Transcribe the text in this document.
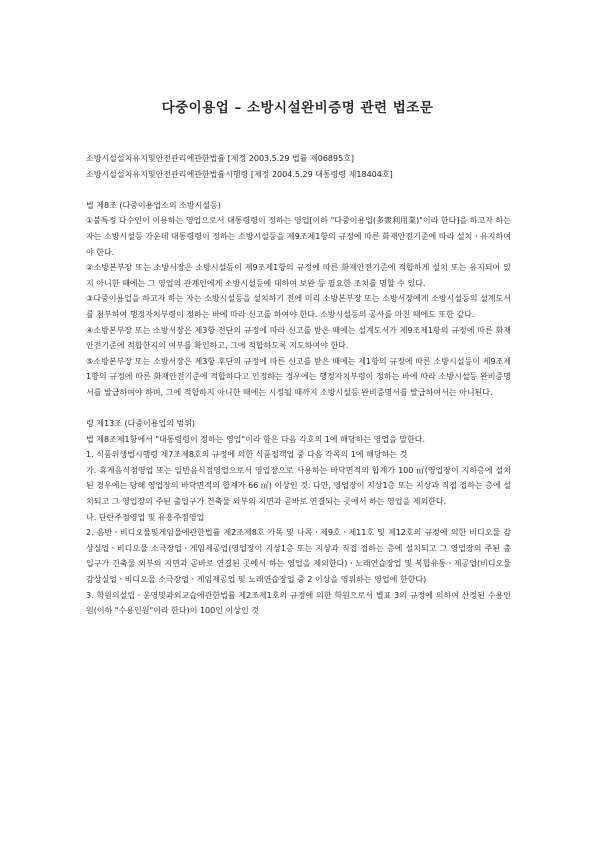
다중이용업 – 소방시설완비증명 관련 법조문

소방시설설치유지및안전관리에관한법률 [제정 2003.5.29 법률 제06895호]

소방시설설치유지및안전관리에관한법률시행령 [제정 2004.5.29 대통령령 제18404호]

법 제8조 (다중이용업소의 소방시설등)

①불특정 다수인이 이용하는 영업으로서 대통령령이 정하는 영업[이하 "다중이용업(多衆利用業)"이라 한다]을 하고자 하는 자는 소방시설등 가운데 대통령령이 정하는 소방시설등을 제9조제1항의 규정에 따른 화재안전기준에 따라 설치ㆍ유지하여야 한다.

②소방본부장 또는 소방서장은 소방시설등이 제9조제1항의 규정에 따른 화재안전기준에 적합하게 설치 또는 유지되어 있지 아니한 때에는 그 영업의 관계인에게 소방시설등에 대하여 보완 등 필요한 조치를 명할 수 있다.

③다중이용업을 하고자 하는 자는 소방시설등을 설치하기 전에 미리 소방본부장 또는 소방서장에게 소방시설등의 설계도서를 첨부하여 행정자치부령이 정하는 바에 따라 신고를 하여야 한다. 소방시설등의 공사를 마친 때에도 또한 같다.

④소방본부장 또는 소방서장은 제3항 전단의 규정에 따라 신고를 받은 때에는 설계도서가 제9조제1항의 규정에 따른 화재안전기준에 적합한지의 여부를 확인하고, 그에 적합하도록 지도하여야 한다.

⑤소방본부장 또는 소방서장은 제3항 후단의 규정에 따른 신고를 받은 때에는 제1항의 규정에 따른 소방시설등이 제9조제1항의 규정에 따른 화재안전기준에 적합하다고 인정하는 경우에는 행정자치부령이 정하는 바에 따라 소방시설등 완비증명서를 발급하여야 하며, 그에 적합하지 아니한 때에는 시정될 때까지 소방시설등 완비증명서를 발급하여서는 아니된다.

령 제13조 (다중이용업의 범위)

법 제8조제1항에서 "대통령령이 정하는 영업"이라 함은 다음 각호의 1에 해당하는 영업을 말한다.

1. 식품위생법시행령 제7조제8호의 규정에 의한 식품접객업 중 다음 각목의 1에 해당하는 것

가. 휴게음식점영업 또는 일반음식점영업으로서 영업장으로 사용하는 바닥면적의 합계가 100 ㎡(영업장이 지하층에 설치된 경우에는 당해 영업장의 바닥면적의 합계가 66 ㎡) 이상인 것. 다만, 영업장이 지상1층 또는 지상과 직접 접하는 층에 설치되고 그 영업장의 주된 출입구가 건축물 외부의 지면과 곧바로 연결되는 곳에서 하는 영업을 제외한다.

나. 단란주점영업 및 유흥주점영업

2. 음반ㆍ비디오물및게임물에관한법률 제2조제8호 가목 및 나목ㆍ제9호ㆍ제11호 및 제12호의 규정에 의한 비디오물 감상실업ㆍ비디오물 소극장업ㆍ게임제공업(영업장이 지상1층 또는 지상과 직접 접하는 층에 설치되고 그 영업장의 주된 출입구가 건축물 외부의 지면과 곧바로 연결된 곳에서 하는 영업을 제외한다)ㆍ노래연습장업 및 복합유통ㆍ제공업(비디오물 감상실업ㆍ비디오물 소극장업ㆍ게임제공업 및 노래연습장업 중 2 이상을 영위하는 영업에 한한다)

3. 학원의설립ㆍ운영및과외교습에관한법률 제2조제1호의 규정에 의한 학원으로서 별표 3의 규정에 의하여 산정된 수용인원(이하 "수용인원"이라 한다)이 100인 이상인 것
